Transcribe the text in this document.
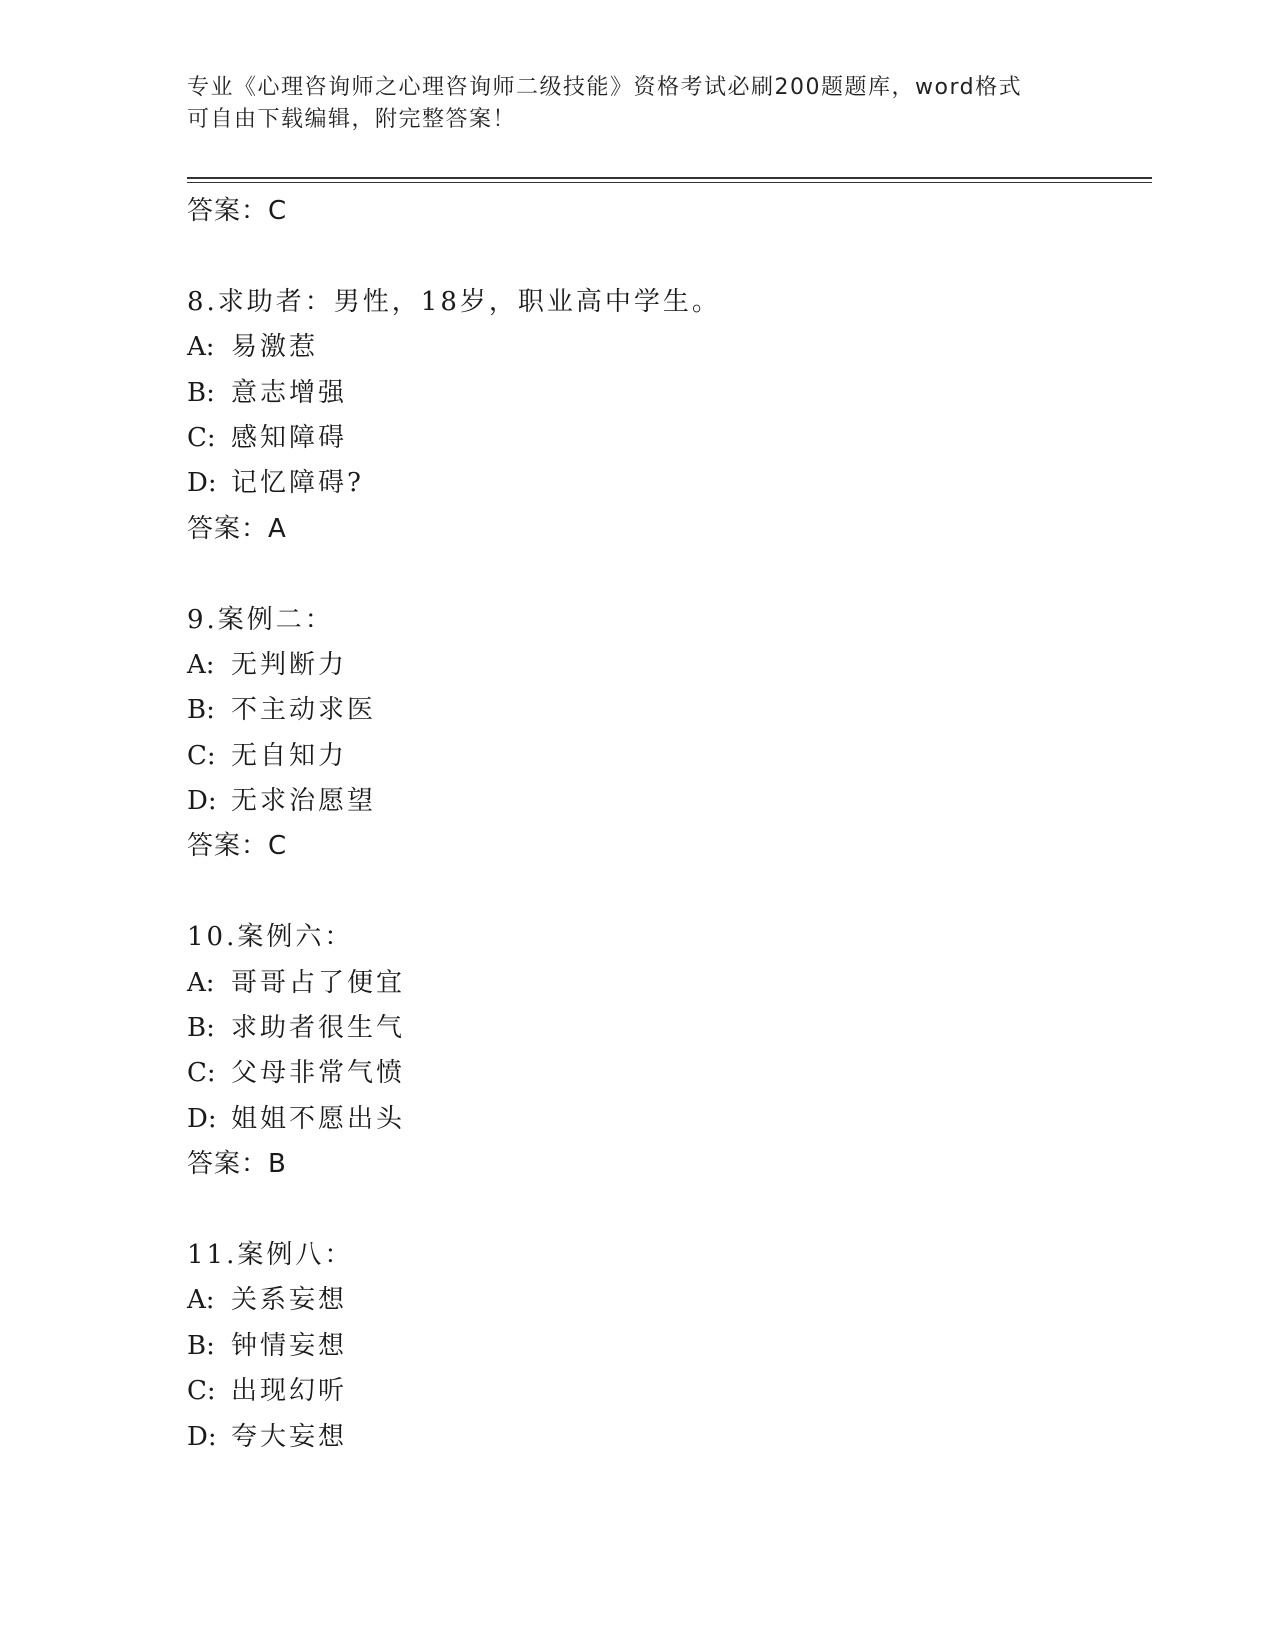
专业《心理咨询师之心理咨询师二级技能》资格考试必刷200题题库，word格式
可自由下载编辑，附完整答案！
答案：C
8.求助者：男性，18岁，职业高中学生。
A: 易激惹
B: 意志增强
C: 感知障碍
D: 记忆障碍?
答案：A
9.案例二：
A: 无判断力
B: 不主动求医
C: 无自知力
D: 无求治愿望
答案：C
10.案例六：
A: 哥哥占了便宜
B: 求助者很生气
C: 父母非常气愤
D: 姐姐不愿出头
答案：B
11.案例八：
A: 关系妄想
B: 钟情妄想
C: 出现幻听
D: 夸大妄想
